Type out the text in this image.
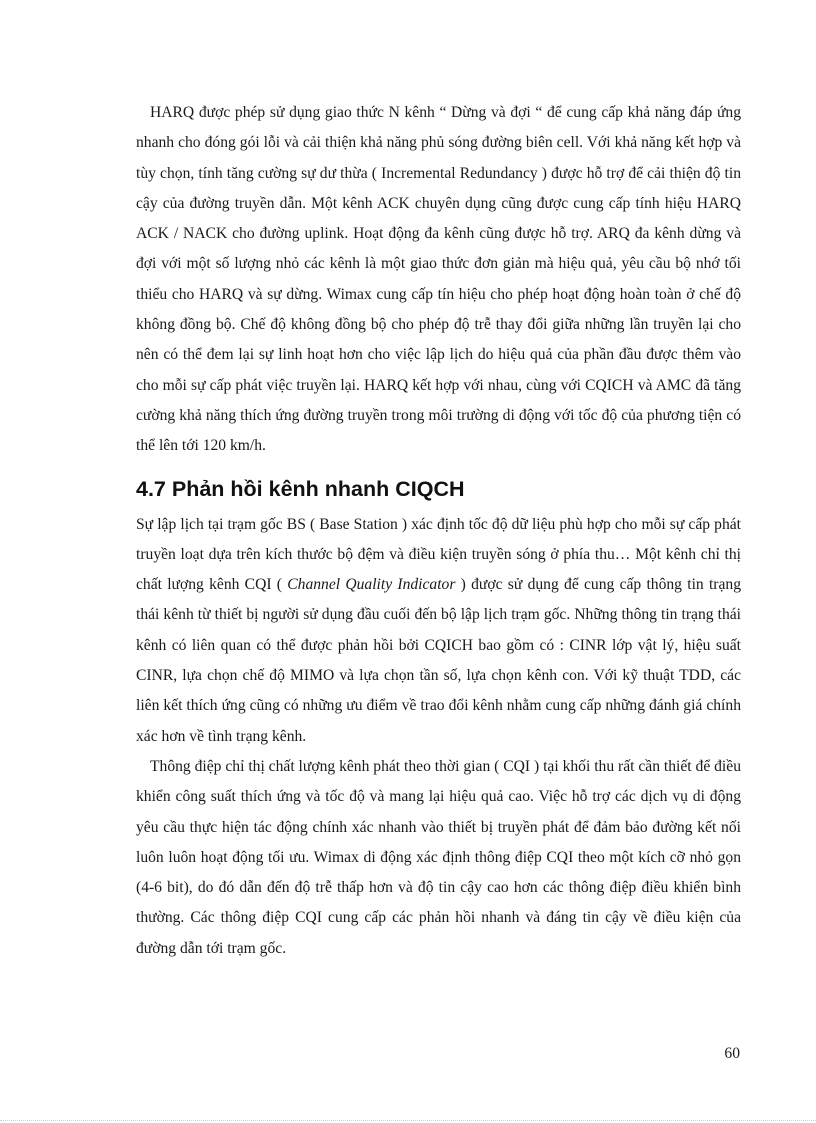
HARQ được phép sử dụng giao thức N kênh “ Dừng và đợi “ để cung cấp khả năng đáp ứng nhanh cho đóng gói lỗi và cải thiện khả năng phủ sóng đường biên cell. Với khả năng kết hợp và tùy chọn, tính tăng cường sự dư thừa ( Incremental Redundancy ) được hỗ trợ để cải thiện độ tin cậy của đường truyền dẫn. Một kênh ACK chuyên dụng cũng được cung cấp tính hiệu HARQ ACK / NACK cho đường uplink. Hoạt động đa kênh cũng được hỗ trợ. ARQ đa kênh dừng và đợi với một số lượng nhỏ các kênh là một giao thức đơn giản mà hiệu quả, yêu cầu bộ nhớ tối thiểu cho HARQ và sự dừng. Wimax cung cấp tín hiệu cho phép hoạt động hoàn toàn ở chế độ không đồng bộ. Chế độ không đồng bộ cho phép độ trễ thay đổi giữa những lần truyền lại cho nên có thể đem lại sự linh hoạt hơn cho việc lập lịch do hiệu quả của phần đầu được thêm vào cho mỗi sự cấp phát việc truyền lại. HARQ kết hợp với nhau, cùng với CQICH và AMC đã tăng cường khả năng thích ứng đường truyền trong môi trường di động với tốc độ của phương tiện có thể lên tới 120 km/h.

4.7 Phản hồi kênh nhanh CIQCH

Sự lập lịch tại trạm gốc BS ( Base Station ) xác định tốc độ dữ liệu phù hợp cho mỗi sự cấp phát truyền loạt dựa trên kích thước bộ đệm và điều kiện truyền sóng ở phía thu… Một kênh chỉ thị chất lượng kênh CQI ( Channel Quality Indicator ) được sử dụng để cung cấp thông tin trạng thái kênh từ thiết bị người sử dụng đầu cuối đến bộ lập lịch trạm gốc. Những thông tin trạng thái kênh có liên quan có thể được phản hồi bởi CQICH bao gồm có : CINR lớp vật lý, hiệu suất CINR, lựa chọn chế độ MIMO và lựa chọn tần số, lựa chọn kênh con. Với kỹ thuật TDD, các liên kết thích ứng cũng có những ưu điểm về trao đổi kênh nhằm cung cấp những đánh giá chính xác hơn về tình trạng kênh.

Thông điệp chỉ thị chất lượng kênh phát theo thời gian ( CQI ) tại khối thu rất cần thiết để điều khiển công suất thích ứng và tốc độ và mang lại hiệu quả cao. Việc hỗ trợ các dịch vụ di động yêu cầu thực hiện tác động chính xác nhanh vào thiết bị truyền phát để đảm bảo đường kết nối luôn luôn hoạt động tối ưu. Wimax di động xác định thông điệp CQI theo một kích cỡ nhỏ gọn (4-6 bit), do đó dẫn đến độ trễ thấp hơn và độ tin cậy cao hơn các thông điệp điều khiển bình thường. Các thông điệp CQI cung cấp các phản hồi nhanh và đáng tin cậy về điều kiện của đường dẫn tới trạm gốc.

60
